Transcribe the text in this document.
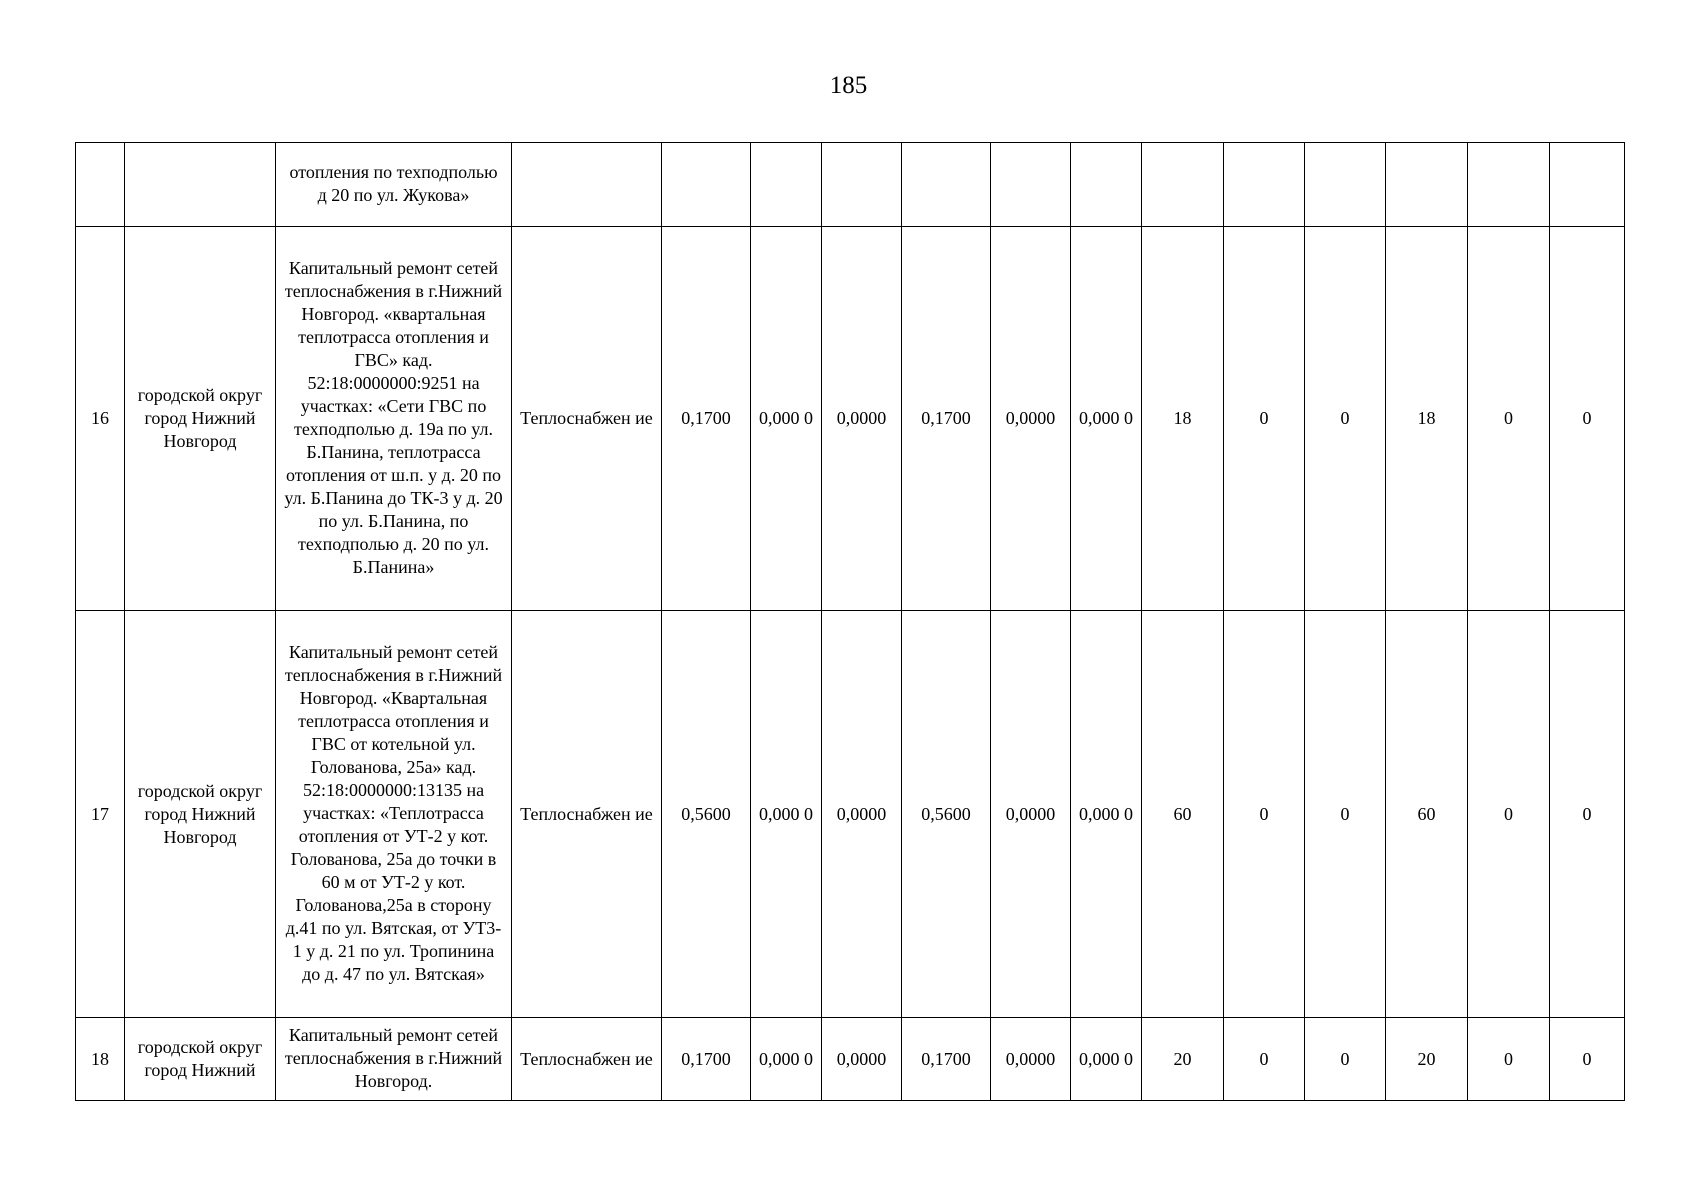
185
		отопления по техподполью д 20 по ул. Жукова»													
16	городской округ город Нижний Новгород	Капитальный ремонт сетей теплоснабжения в г.Нижний Новгород. «квартальная теплотрасса отопления и ГВС» кад. 52:18:0000000:9251 на участках: «Сети ГВС по техподполью д. 19а по ул. Б.Панина, теплотрасса отопления от ш.п. у д. 20 по ул. Б.Панина до ТК-3 у д. 20 по ул. Б.Панина, по техподполью д. 20 по ул. Б.Панина»	Теплоснабжен ие	0,1700	0,000 0	0,0000	0,1700	0,0000	0,000 0	18	0	0	18	0	0
17	городской округ город Нижний Новгород	Капитальный ремонт сетей теплоснабжения в г.Нижний Новгород. «Квартальная теплотрасса отопления и ГВС от котельной ул. Голованова, 25а» кад. 52:18:0000000:13135 на участках: «Теплотрасса отопления от УТ-2 у кот. Голованова, 25а до точки в 60 м от УТ-2 у кот. Голованова,25а в сторону д.41 по ул. Вятская, от УТ3-1 у д. 21 по ул. Тропинина до д. 47 по ул. Вятская»	Теплоснабжен ие	0,5600	0,000 0	0,0000	0,5600	0,0000	0,000 0	60	0	0	60	0	0
18	городской округ город Нижний	Капитальный ремонт сетей теплоснабжения в г.Нижний Новгород.	Теплоснабжен ие	0,1700	0,000 0	0,0000	0,1700	0,0000	0,000 0	20	0	0	20	0	0
